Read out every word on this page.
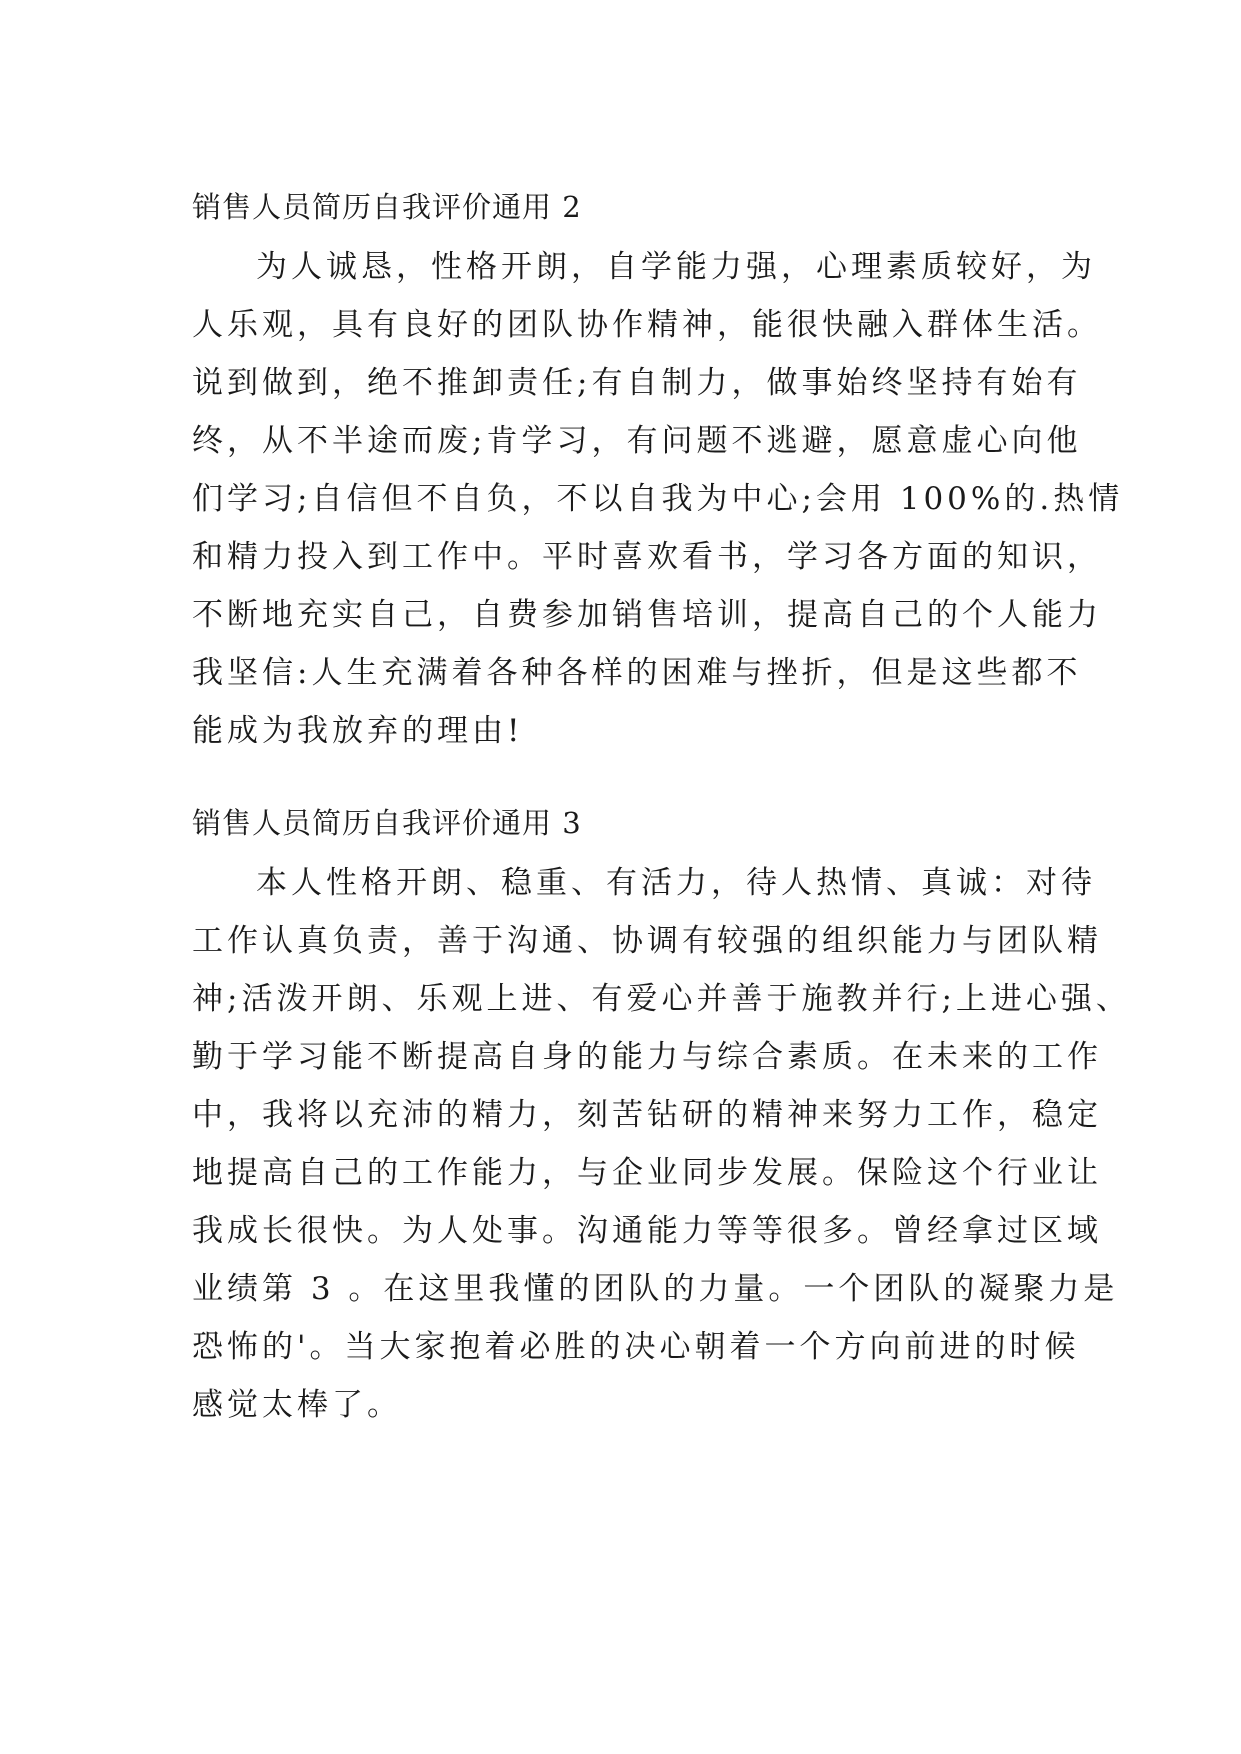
销售人员简历自我评价通用 2
为人诚恳，性格开朗，自学能力强，心理素质较好，为
人乐观，具有良好的团队协作精神，能很快融入群体生活。
说到做到，绝不推卸责任;有自制力，做事始终坚持有始有
终，从不半途而废;肯学习，有问题不逃避，愿意虚心向他
们学习;自信但不自负，不以自我为中心;会用 100%的.热情
和精力投入到工作中。平时喜欢看书，学习各方面的知识，
不断地充实自己，自费参加销售培训，提高自己的个人能力
我坚信:人生充满着各种各样的困难与挫折，但是这些都不
能成为我放弃的理由!
销售人员简历自我评价通用 3
本人性格开朗、稳重、有活力，待人热情、真诚：对待
工作认真负责，善于沟通、协调有较强的组织能力与团队精
神;活泼开朗、乐观上进、有爱心并善于施教并行;上进心强、
勤于学习能不断提高自身的能力与综合素质。在未来的工作
中，我将以充沛的精力，刻苦钻研的精神来努力工作，稳定
地提高自己的工作能力，与企业同步发展。保险这个行业让
我成长很快。为人处事。沟通能力等等很多。曾经拿过区域
业绩第 3 。在这里我懂的团队的力量。一个团队的凝聚力是
恐怖的'。当大家抱着必胜的决心朝着一个方向前进的时候
感觉太棒了。
